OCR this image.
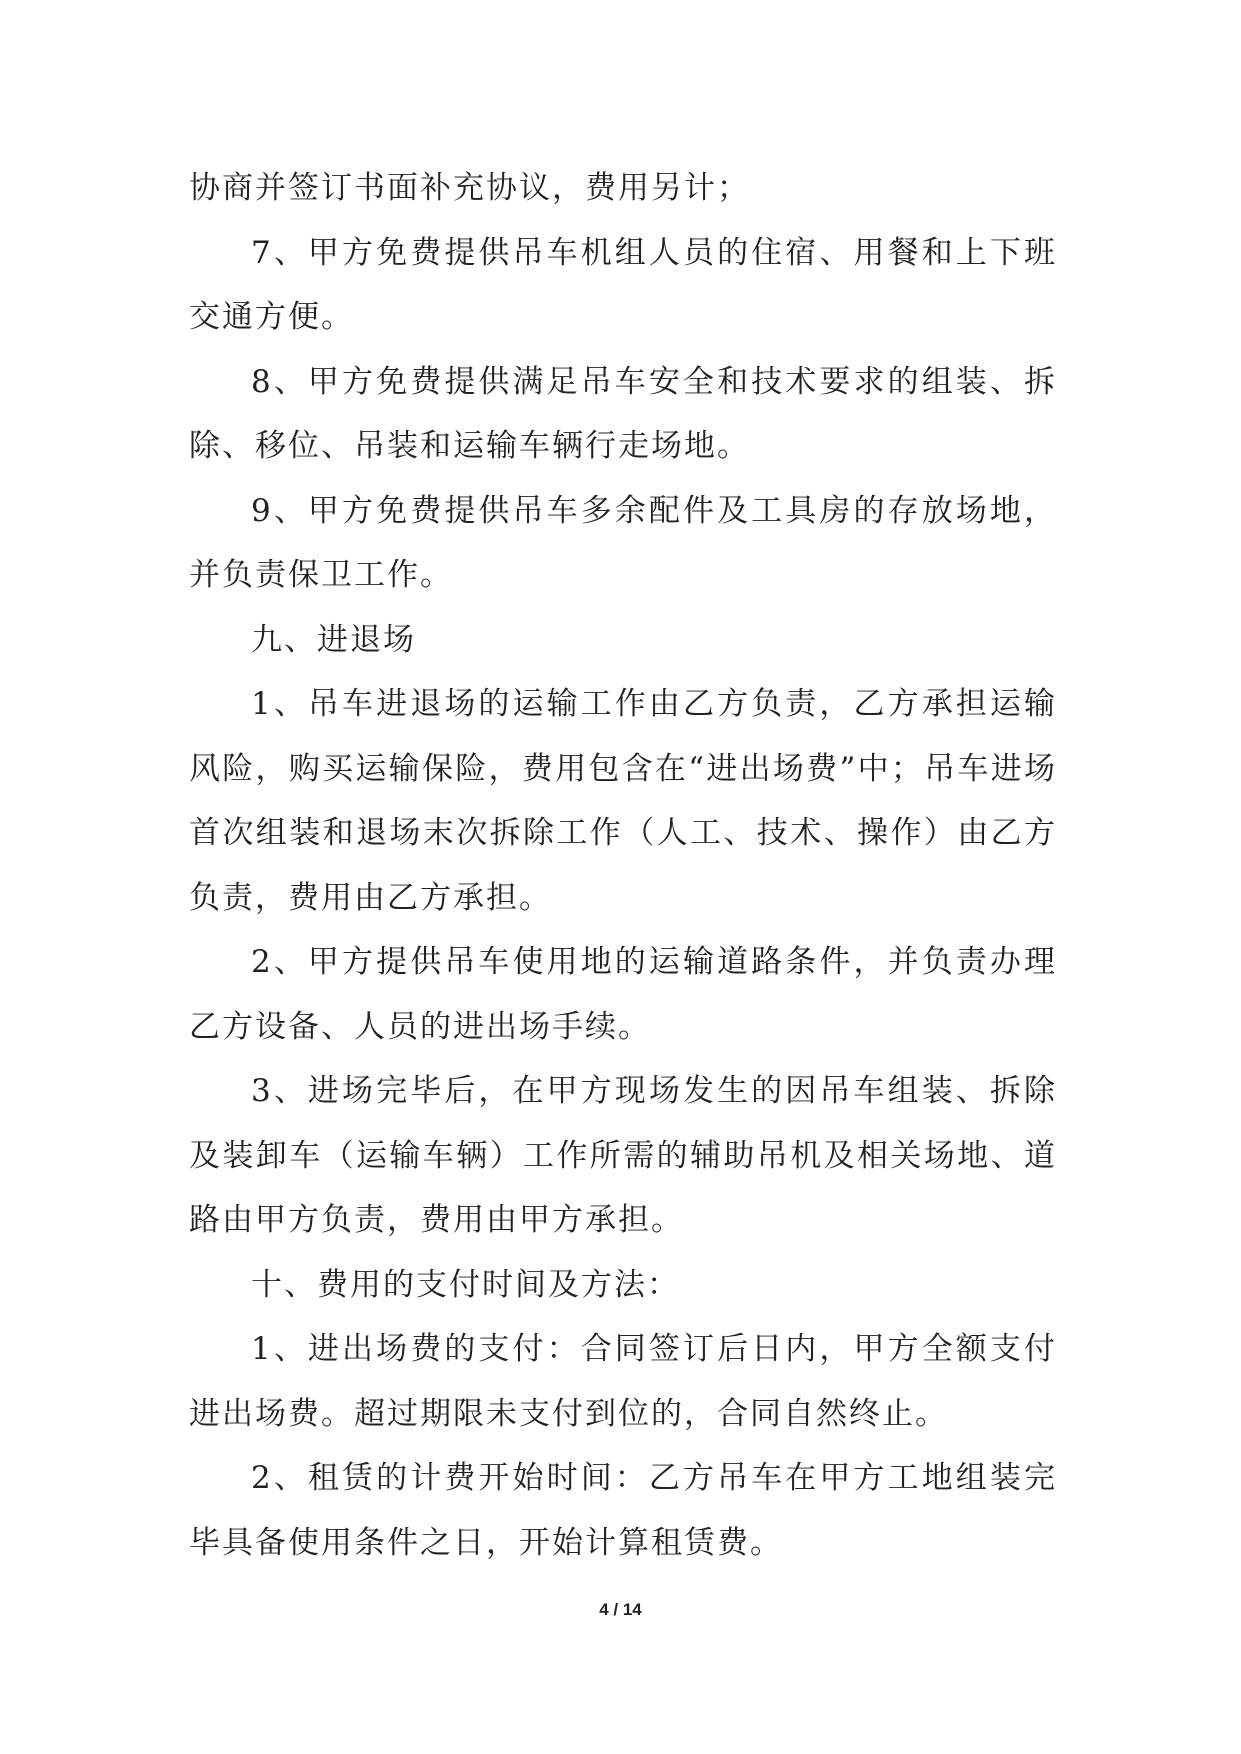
协商并签订书面补充协议，费用另计；

7、甲方免费提供吊车机组人员的住宿、用餐和上下班交通方便。

8、甲方免费提供满足吊车安全和技术要求的组装、拆除、移位、吊装和运输车辆行走场地。

9、甲方免费提供吊车多余配件及工具房的存放场地，并负责保卫工作。

九、进退场

1、吊车进退场的运输工作由乙方负责，乙方承担运输风险，购买运输保险，费用包含在“进出场费”中；吊车进场首次组装和退场末次拆除工作（人工、技术、操作）由乙方负责，费用由乙方承担。

2、甲方提供吊车使用地的运输道路条件，并负责办理乙方设备、人员的进出场手续。

3、进场完毕后，在甲方现场发生的因吊车组装、拆除及装卸车（运输车辆）工作所需的辅助吊机及相关场地、道路由甲方负责，费用由甲方承担。

十、费用的支付时间及方法：

1、进出场费的支付：合同签订后日内，甲方全额支付进出场费。超过期限未支付到位的，合同自然终止。

2、租赁的计费开始时间：乙方吊车在甲方工地组装完毕具备使用条件之日，开始计算租赁费。

4 / 14
